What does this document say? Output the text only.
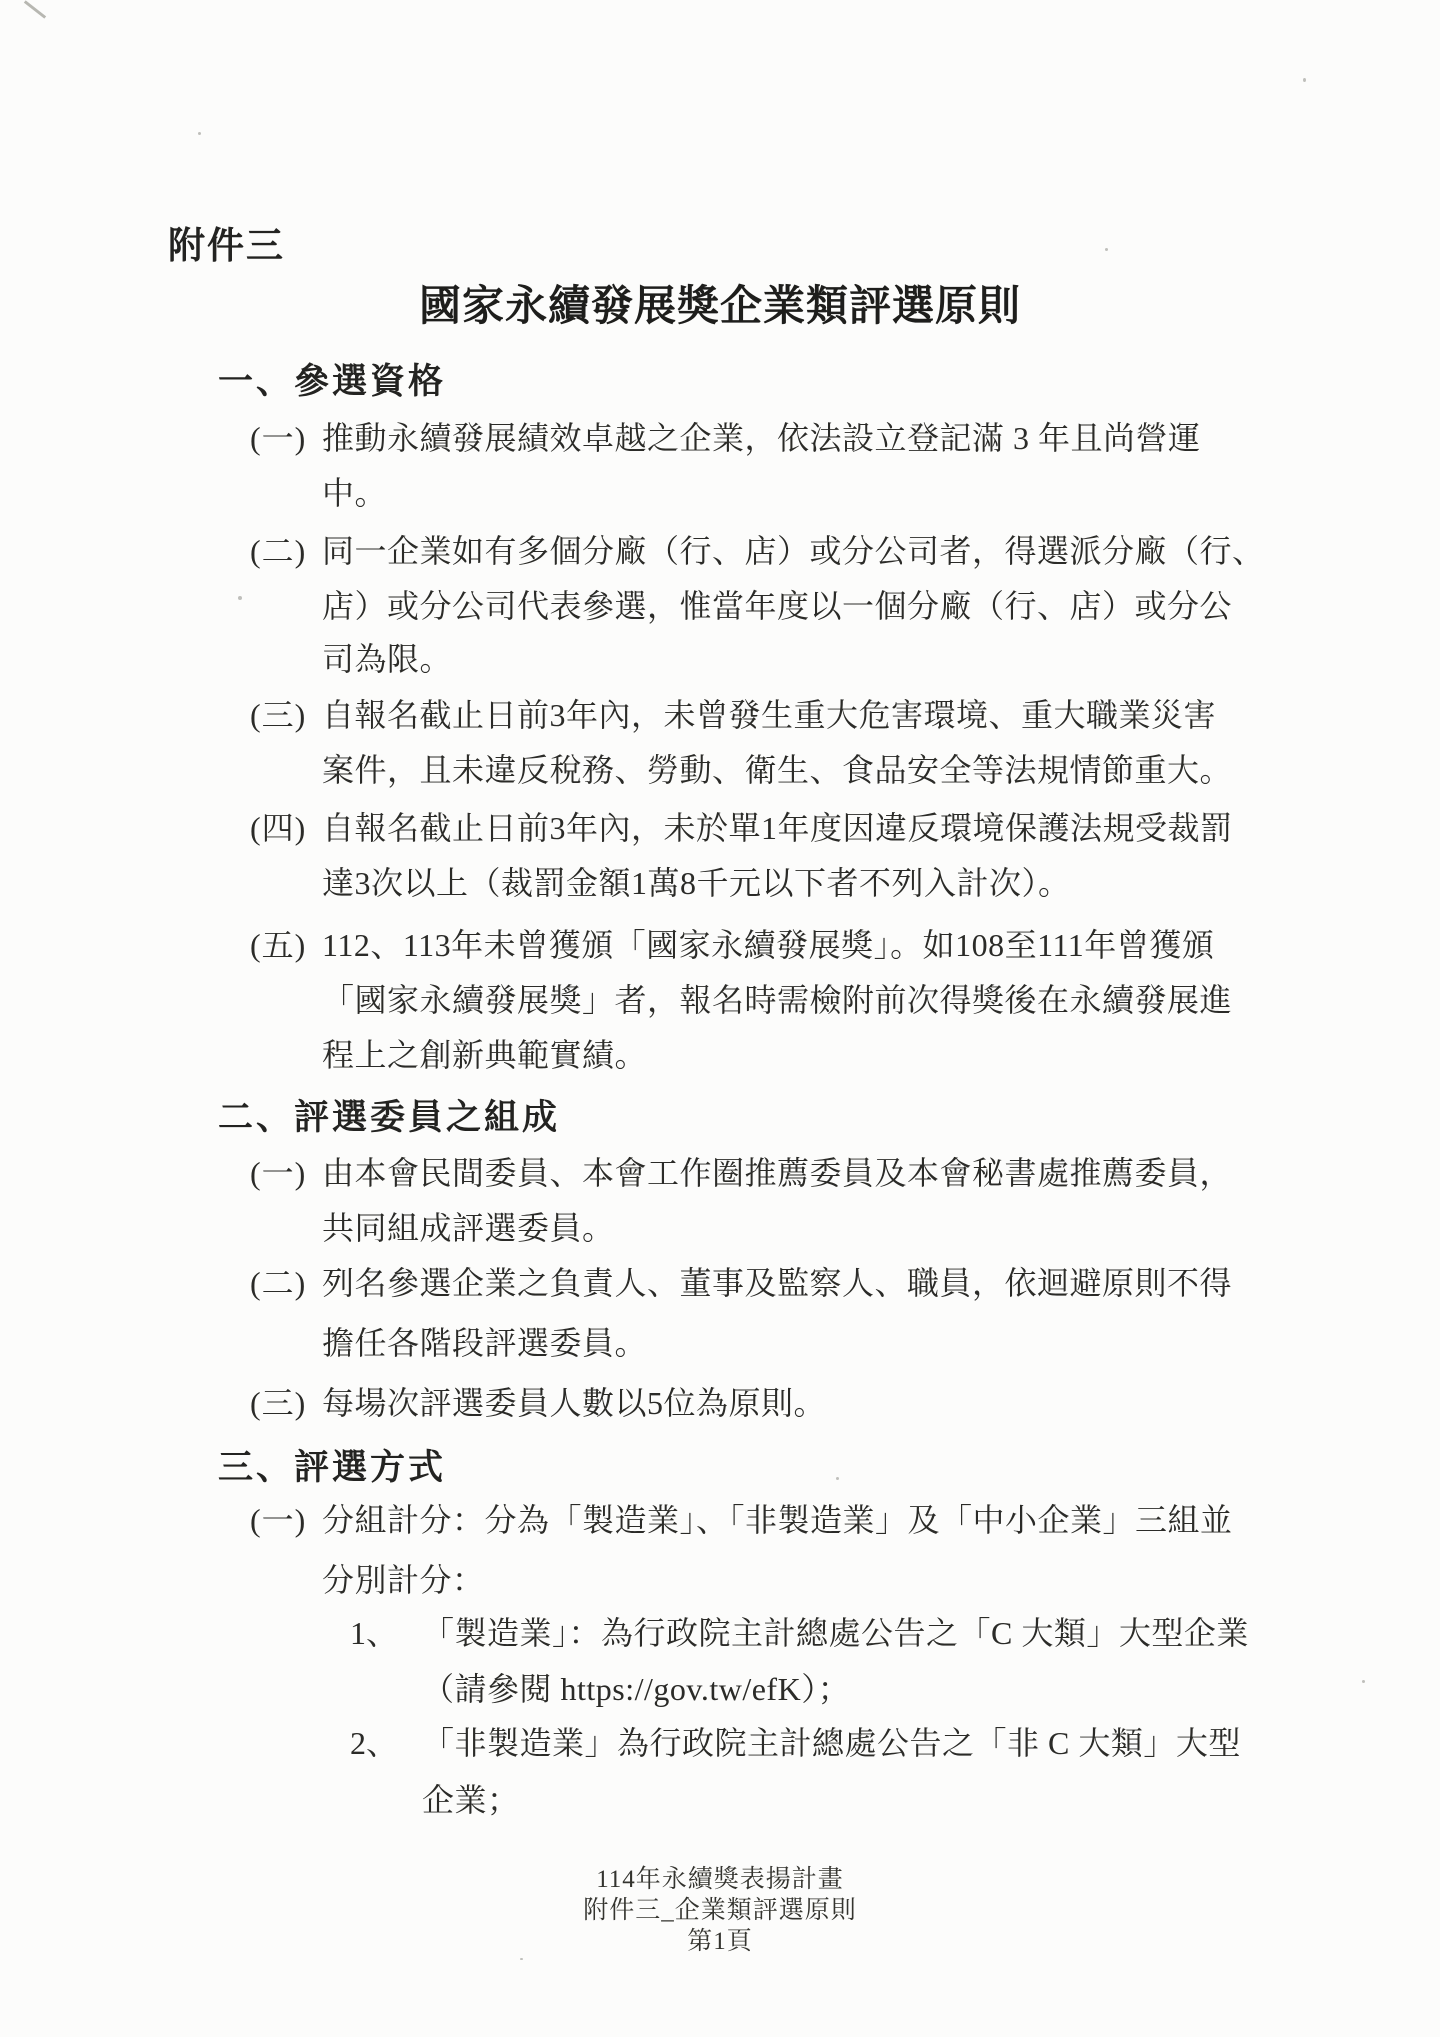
附件三
國家永續發展獎企業類評選原則
一、參選資格
(一) 推動永續發展績效卓越之企業，依法設立登記滿 3 年且尚營運
中。
(二) 同一企業如有多個分廠（行、店）或分公司者，得選派分廠（行、
店）或分公司代表參選，惟當年度以一個分廠（行、店）或分公
司為限。
(三) 自報名截止日前3年內，未曾發生重大危害環境、重大職業災害
案件，且未違反稅務、勞動、衛生、食品安全等法規情節重大。
(四) 自報名截止日前3年內，未於單1年度因違反環境保護法規受裁罰
達3次以上（裁罰金額1萬8千元以下者不列入計次）。
(五) 112、113年未曾獲頒「國家永續發展獎」。如108至111年曾獲頒
「國家永續發展獎」者，報名時需檢附前次得獎後在永續發展進
程上之創新典範實績。
二、評選委員之組成
(一) 由本會民間委員、本會工作圈推薦委員及本會秘書處推薦委員，
共同組成評選委員。
(二) 列名參選企業之負責人、董事及監察人、職員，依迴避原則不得
擔任各階段評選委員。
(三) 每場次評選委員人數以5位為原則。
三、評選方式
(一) 分組計分：分為「製造業」、「非製造業」及「中小企業」三組並
分別計分：
1、 「製造業」：為行政院主計總處公告之「C 大類」大型企業
（請參閱 https://gov.tw/efK）；
2、 「非製造業」為行政院主計總處公告之「非 C 大類」大型
企業；
114年永續獎表揚計畫
附件三_企業類評選原則
第1頁
